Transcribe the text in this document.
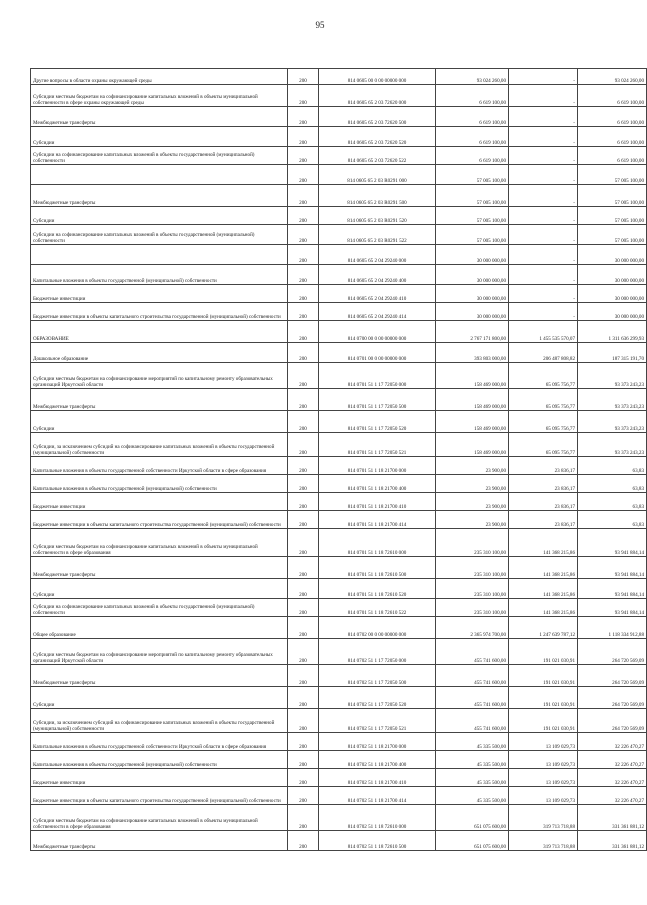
95
Другие вопросы в области охраны окружающей среды	200	814 0605 00 0 00 00000 000	93 024 260,00	-	93 024 260,00
Субсидии местным бюджетам на софинансирование капитальных вложений в объекты муниципальной собственности в сфере охраны окружающей среды	200	814 0605 65 2 03 72620 000	6 619 100,00	-	6 619 100,00
Межбюджетные трансферты	200	814 0605 65 2 03 72620 500	6 619 100,00	-	6 619 100,00
Субсидии	200	814 0605 65 2 03 72620 520	6 619 100,00	-	6 619 100,00
Субсидии на софинансирование капитальных вложений в объекты государственной (муниципальной) собственности	200	814 0605 65 2 03 72620 522	6 619 100,00	-	6 619 100,00
	200	814 0605 65 2 03 R0291 000	57 005 100,00	-	57 005 100,00
Межбюджетные трансферты	200	814 0605 65 2 03 R0291 500	57 005 100,00	-	57 005 100,00
Субсидии	200	814 0605 65 2 03 R0291 520	57 005 100,00	-	57 005 100,00
Субсидии на софинансирование капитальных вложений в объекты государственной (муниципальной) собственности	200	814 0605 65 2 03 R0291 522	57 005 100,00	-	57 005 100,00
	200	814 0605 65 2 04 29240 000	30 000 000,00	-	30 000 000,00
Капитальные вложения в объекты государственной (муниципальной) собственности	200	814 0605 65 2 04 29240 400	30 000 000,00	-	30 000 000,00
Бюджетные инвестиции	200	814 0605 65 2 04 29240 410	30 000 000,00	-	30 000 000,00
Бюджетные инвестиции в объекты капитального строительства государственной (муниципальной) собственности	200	814 0605 65 2 04 29240 414	30 000 000,00	-	30 000 000,00
ОБРАЗОВАНИЕ	200	814 0700 00 0 00 00000 000	2 767 171 800,00	1 455 535 570,07	1 311 636 299,93
Дошкольное образование	200	814 0701 00 0 00 00000 000	393 803 000,00	206 487 808,82	187 315 191,70
Субсидии местным бюджетам на софинансирование мероприятий по капитальному ремонту образовательных организаций Иркутской области	200	814 0701 51 1 17 72050 000	158 469 000,00	65 095 756,77	93 373 243,23
Межбюджетные трансферты	200	814 0701 51 1 17 72050 500	158 469 000,00	65 095 756,77	93 373 243,23
Субсидии	200	814 0701 51 1 17 72050 520	158 469 000,00	65 095 756,77	93 373 243,23
Субсидии, за исключением субсидий на софинансирование капитальных вложений в объекты государственной (муниципальной) собственности	200	814 0701 51 1 17 72050 521	158 469 000,00	65 095 756,77	93 373 243,23
Капитальные вложения в объекты государственной собственности Иркутской области в сфере образования	200	814 0701 51 1 18 21700 000	23 900,00	23 836,17	63,83
Капитальные вложения в объекты государственной (муниципальной) собственности	200	814 0701 51 1 18 21700 400	23 900,00	23 836,17	63,83
Бюджетные инвестиции	200	814 0701 51 1 18 21700 410	23 900,00	23 836,17	63,83
Бюджетные инвестиции в объекты капитального строительства государственной (муниципальной) собственности	200	814 0701 51 1 18 21700 414	23 900,00	23 836,17	63,83
Субсидии местным бюджетам на софинансирование капитальных вложений в объекты муниципальной собственности в сфере образования	200	814 0701 51 1 18 72610 000	235 310 100,00	141 368 215,86	93 941 884,14
Межбюджетные трансферты	200	814 0701 51 1 18 72610 500	235 310 100,00	141 368 215,86	93 941 884,14
Субсидии	200	814 0701 51 1 18 72610 520	235 310 100,00	141 368 215,86	93 941 884,14
Субсидии на софинансирование капитальных вложений в объекты государственной (муниципальной) собственности	200	814 0701 51 1 18 72610 522	235 310 100,00	141 368 215,86	93 941 884,14
Общее образование	200	814 0702 00 0 00 00000 000	2 365 974 700,00	1 247 639 787,12	1 118 334 912,88
Субсидии местным бюджетам на софинансирование мероприятий по капитальному ремонту образовательных организаций Иркутской области	200	814 0702 51 1 17 72050 000	455 741 600,00	191 021 030,91	264 720 569,09
Межбюджетные трансферты	200	814 0702 51 1 17 72050 500	455 741 600,00	191 021 030,91	264 720 569,09
Субсидии	200	814 0702 51 1 17 72050 520	455 741 600,00	191 021 030,91	264 720 569,09
Субсидии, за исключением субсидий на софинансирование капитальных вложений в объекты государственной (муниципальной) собственности	200	814 0702 51 1 17 72050 521	455 741 600,00	191 021 030,91	264 720 569,09
Капитальные вложения в объекты государственной собственности Иркутской области в сфере образования	200	814 0702 51 1 18 21700 000	45 335 500,00	13 109 029,73	32 226 470,27
Капитальные вложения в объекты государственной (муниципальной) собственности	200	814 0702 51 1 18 21700 400	45 335 500,00	13 109 029,73	32 226 470,27
Бюджетные инвестиции	200	814 0702 51 1 18 21700 410	45 335 500,00	13 109 029,73	32 226 470,27
Бюджетные инвестиции в объекты капитального строительства государственной (муниципальной) собственности	200	814 0702 51 1 18 21700 414	45 335 500,00	13 109 029,73	32 226 470,27
Субсидии местным бюджетам на софинансирование капитальных вложений в объекты муниципальной собственности в сфере образования	200	814 0702 51 1 18 72610 000	651 075 600,00	319 713 718,88	331 361 881,12
Межбюджетные трансферты	200	814 0702 51 1 18 72610 500	651 075 600,00	319 713 718,88	331 361 881,12
